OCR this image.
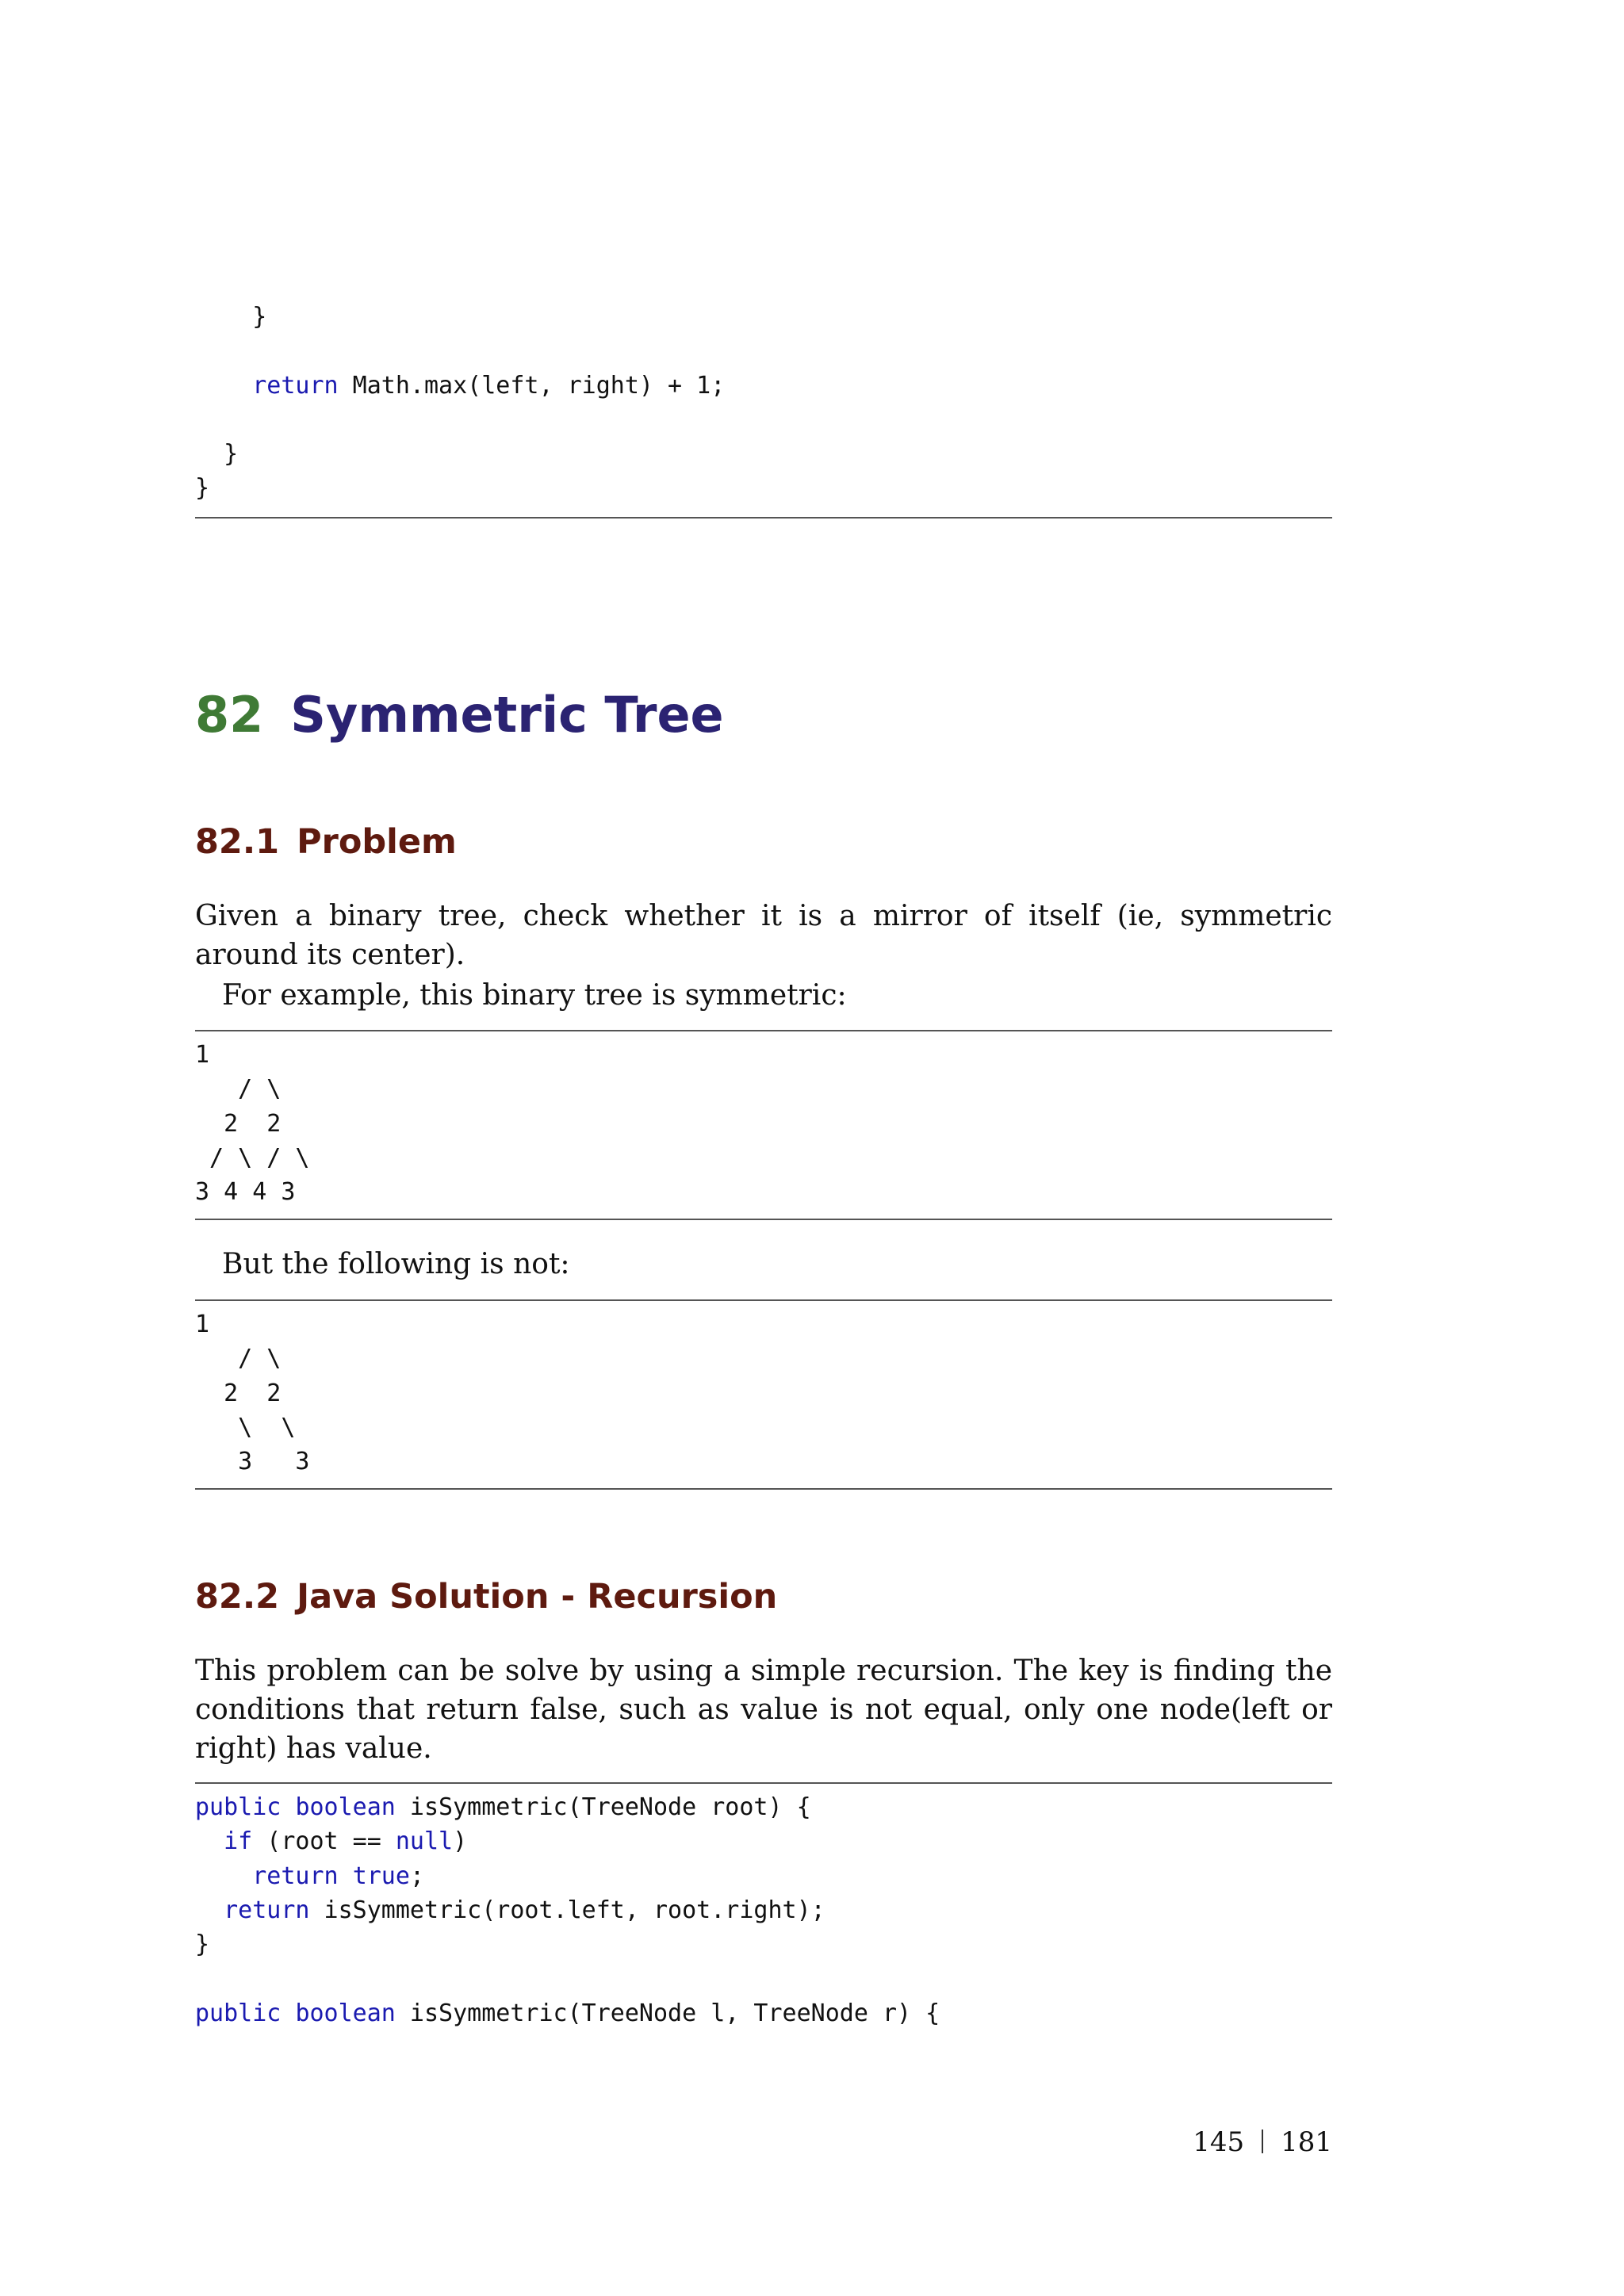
}

return Math.max(left, right) + 1;

}
}
82 Symmetric Tree
82.1 Problem

Given a binary tree, check whether it is a mirror of itself (ie, symmetric around its center).

For example, this binary tree is symmetric:

1
/ \
2  2
/ \ / \
3 4 4 3

But the following is not:

1
/ \
2  2
\  \
3   3
82.2 Java Solution - Recursion

This problem can be solve by using a simple recursion. The key is finding the conditions that return false, such as value is not equal, only one node(left or right) has value.

public boolean isSymmetric(TreeNode root) {
if (root == null)
return true;
return isSymmetric(root.left, root.right);
}

public boolean isSymmetric(TreeNode l, TreeNode r) {
145 181
